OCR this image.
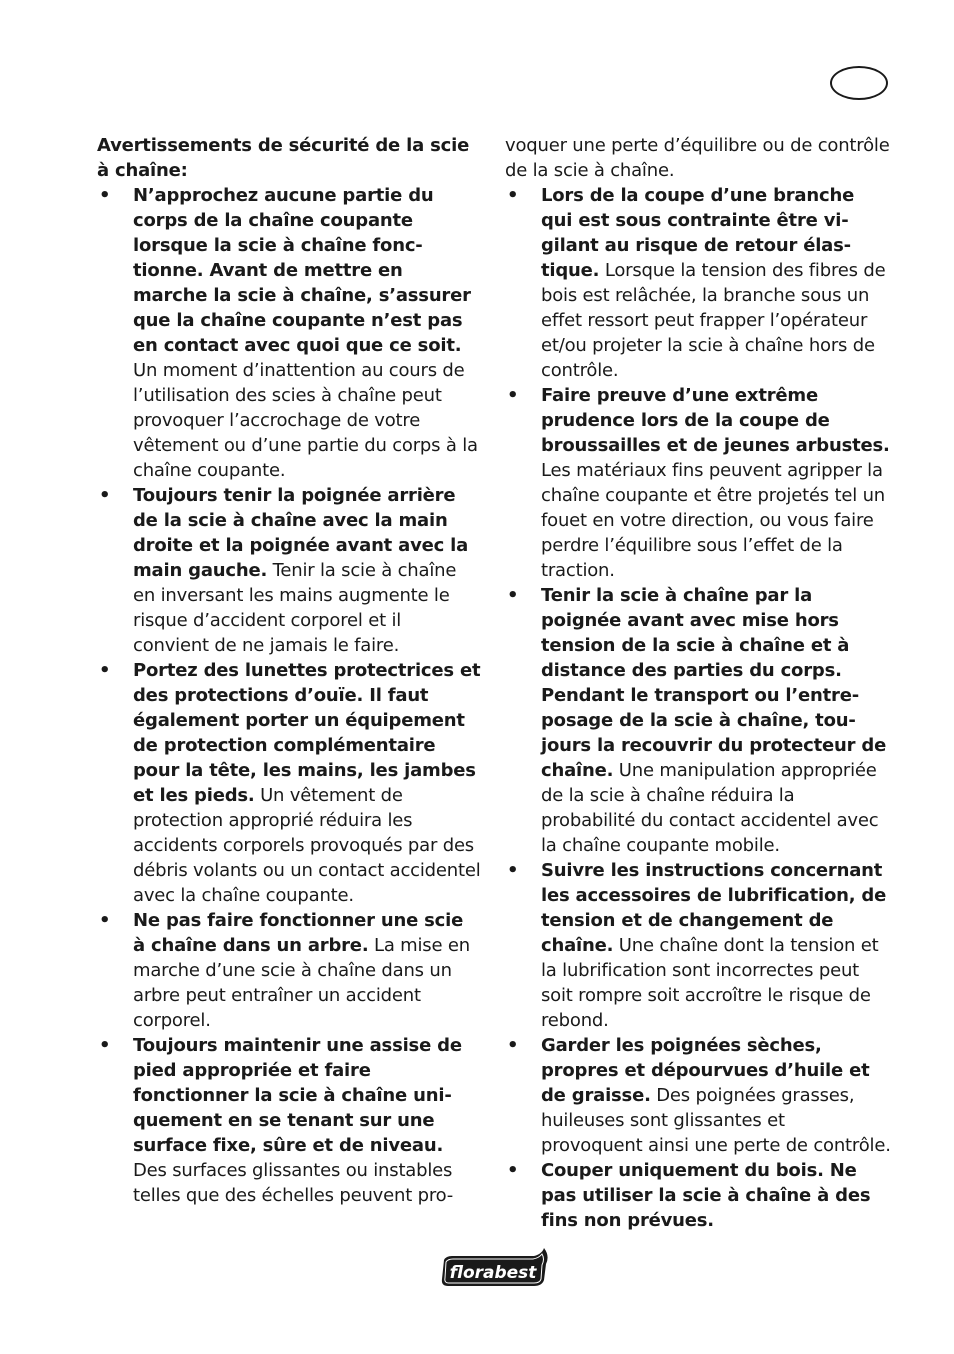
Avertissements de sécurité de la scie à chaîne:

• N’approchez aucune partie du corps de la chaîne coupante lorsque la scie à chaîne fonctionne. Avant de mettre en marche la scie à chaîne, s’assurer que la chaîne coupante n’est pas en contact avec quoi que ce soit. Un moment d’inattention au cours de l’utilisation des scies à chaîne peut provoquer l’accrochage de votre vêtement ou d’une partie du corps à la chaîne coupante.
• Toujours tenir la poignée arrière de la scie à chaîne avec la main droite et la poignée avant avec la main gauche. Tenir la scie à chaîne en inversant les mains augmente le risque d’accident corporel et il convient de ne jamais le faire.
• Portez des lunettes protectrices et des protections d’ouïe. Il faut également porter un équipement de protection complémentaire pour la tête, les mains, les jambes et les pieds. Un vêtement de protection approprié réduira les accidents corporels provoqués par des débris volants ou un contact accidentel avec la chaîne coupante.
• Ne pas faire fonctionner une scie à chaîne dans un arbre. La mise en marche d’une scie à chaîne dans un arbre peut entraîner un accident corporel.
• Toujours maintenir une assise de pied appropriée et faire fonctionner la scie à chaîne uniquement en se tenant sur une surface fixe, sûre et de niveau. Des surfaces glissantes ou instables telles que des échelles peuvent pro-

voquer une perte d’équilibre ou de contrôle de la scie à chaîne.

• Lors de la coupe d’une branche qui est sous contrainte être vigilant au risque de retour élastique. Lorsque la tension des fibres de bois est relâchée, la branche sous un effet ressort peut frapper l’opérateur et/ou projeter la scie à chaîne hors de contrôle.
• Faire preuve d’une extrême prudence lors de la coupe de broussailles et de jeunes arbustes. Les matériaux fins peuvent agripper la chaîne coupante et être projetés tel un fouet en votre direction, ou vous faire perdre l’équilibre sous l’effet de la traction.
• Tenir la scie à chaîne par la poignée avant avec mise hors tension de la scie à chaîne et à distance des parties du corps. Pendant le transport ou l’entreposage de la scie à chaîne, toujours la recouvrir du protecteur de chaîne. Une manipulation appropriée de la scie à chaîne réduira la probabilité du contact accidentel avec la chaîne coupante mobile.
• Suivre les instructions concernant les accessoires de lubrification, de tension et de changement de chaîne. Une chaîne dont la tension et la lubrification sont incorrectes peut soit rompre soit accroître le risque de rebond.
• Garder les poignées sèches, propres et dépourvues d’huile et de graisse. Des poignées grasses, huileuses sont glissantes et provoquent ainsi une perte de contrôle.
• Couper uniquement du bois. Ne pas utiliser la scie à chaîne à des fins non prévues.
florabest
